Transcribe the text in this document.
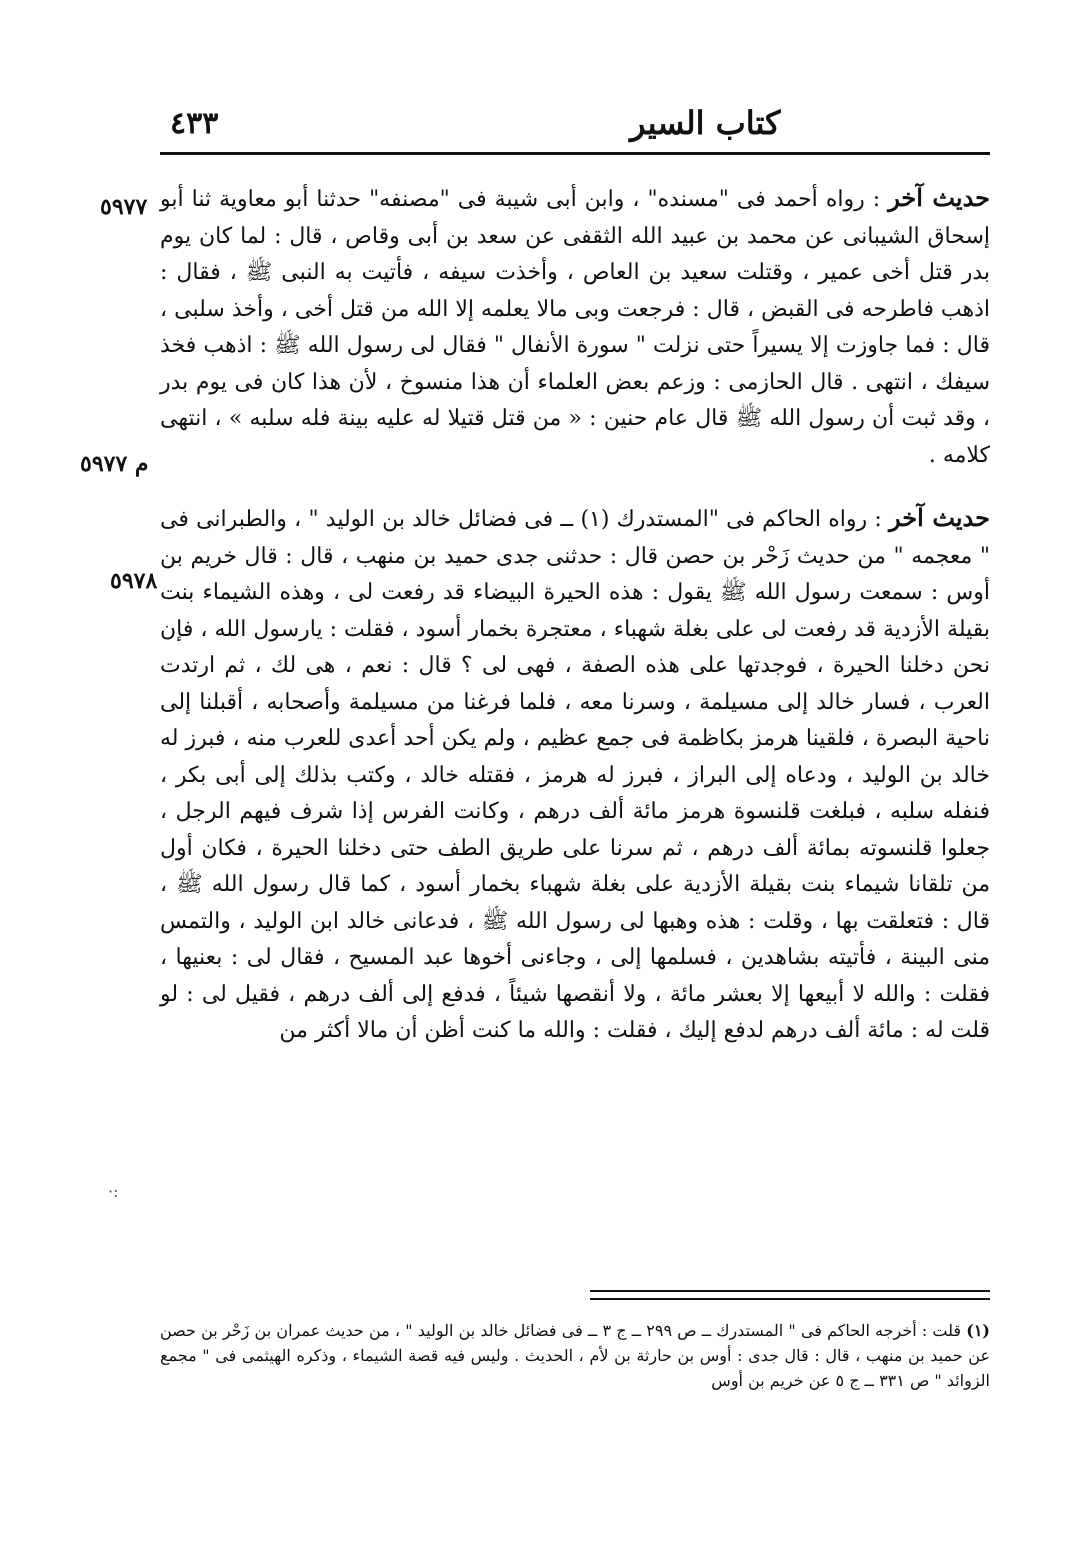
٤٣٣	كتاب السير
٥٩٧٧
م ٥٩٧٧
٥٩٧٨
·:

حديث آخر : رواه أحمد فى "مسنده" ، وابن أبى شيبة فى "مصنفه" حدثنا أبو معاوية ثنا أبو إسحاق الشيبانى عن محمد بن عبيد الله الثقفى عن سعد بن أبى وقاص ، قال : لما كان يوم بدر قتل أخى عمير ، وقتلت سعيد بن العاص ، وأخذت سيفه ، فأتيت به النبى ﷺ ، فقال : اذهب فاطرحه فى القبض ، قال : فرجعت وبى مالا يعلمه إلا الله من قتل أخى ، وأخذ سلبى ، قال : فما جاوزت إلا يسيراً حتى نزلت " سورة الأنفال " فقال لى رسول الله ﷺ : اذهب فخذ سيفك ، انتهى . قال الحازمى : وزعم بعض العلماء أن هذا منسوخ ، لأن هذا كان فى يوم بدر ، وقد ثبت أن رسول الله ﷺ قال عام حنين : « من قتل قتيلا له عليه بينة فله سلبه » ، انتهى كلامه .

حديث آخر : رواه الحاكم فى "المستدرك (١) ــ فى فضائل خالد بن الوليد " ، والطبرانى فى " معجمه " من حديث زَحْر بن حصن قال : حدثنى جدى حميد بن منهب ، قال : قال خريم بن أوس : سمعت رسول الله ﷺ يقول : هذه الحيرة البيضاء قد رفعت لى ، وهذه الشيماء بنت بقيلة الأزدية قد رفعت لى على بغلة شهباء ، معتجرة بخمار أسود ، فقلت : يارسول الله ، فإن نحن دخلنا الحيرة ، فوجدتها على هذه الصفة ، فهى لى ؟ قال : نعم ، هى لك ، ثم ارتدت العرب ، فسار خالد إلى مسيلمة ، وسرنا معه ، فلما فرغنا من مسيلمة وأصحابه ، أقبلنا إلى ناحية البصرة ، فلقينا هرمز بكاظمة فى جمع عظيم ، ولم يكن أحد أعدى للعرب منه ، فبرز له خالد بن الوليد ، ودعاه إلى البراز ، فبرز له هرمز ، فقتله خالد ، وكتب بذلك إلى أبى بكر ، فنفله سلبه ، فبلغت قلنسوة هرمز مائة ألف درهم ، وكانت الفرس إذا شرف فيهم الرجل ، جعلوا قلنسوته بمائة ألف درهم ، ثم سرنا على طريق الطف حتى دخلنا الحيرة ، فكان أول من تلقانا شيماء بنت بقيلة الأزدية على بغلة شهباء بخمار أسود ، كما قال رسول الله ﷺ ، قال : فتعلقت بها ، وقلت : هذه وهبها لى رسول الله ﷺ ، فدعانى خالد ابن الوليد ، والتمس منى البينة ، فأتيته بشاهدين ، فسلمها إلى ، وجاءنى أخوها عبد المسيح ، فقال لى : بعنيها ، فقلت : والله لا أبيعها إلا بعشر مائة ، ولا أنقصها شيئاً ، فدفع إلى ألف درهم ، فقيل لى : لو قلت له : مائة ألف درهم لدفع إليك ، فقلت : والله ما كنت أظن أن مالا أكثر من

(١) قلت : أخرجه الحاكم فى " المستدرك ــ ص ٢٩٩ ــ ج ٣ ــ فى فضائل خالد بن الوليد " ، من حديث عمران بن زَحْر بن حصن عن حميد بن منهب ، قال : قال جدى : أوس بن حارثة بن لأم ، الحديث . وليس فيه قصة الشيماء ، وذكره الهيثمى فى " مجمع الزوائد " ص ٣٣١ ــ ج ٥ عن خريم بن أوس
